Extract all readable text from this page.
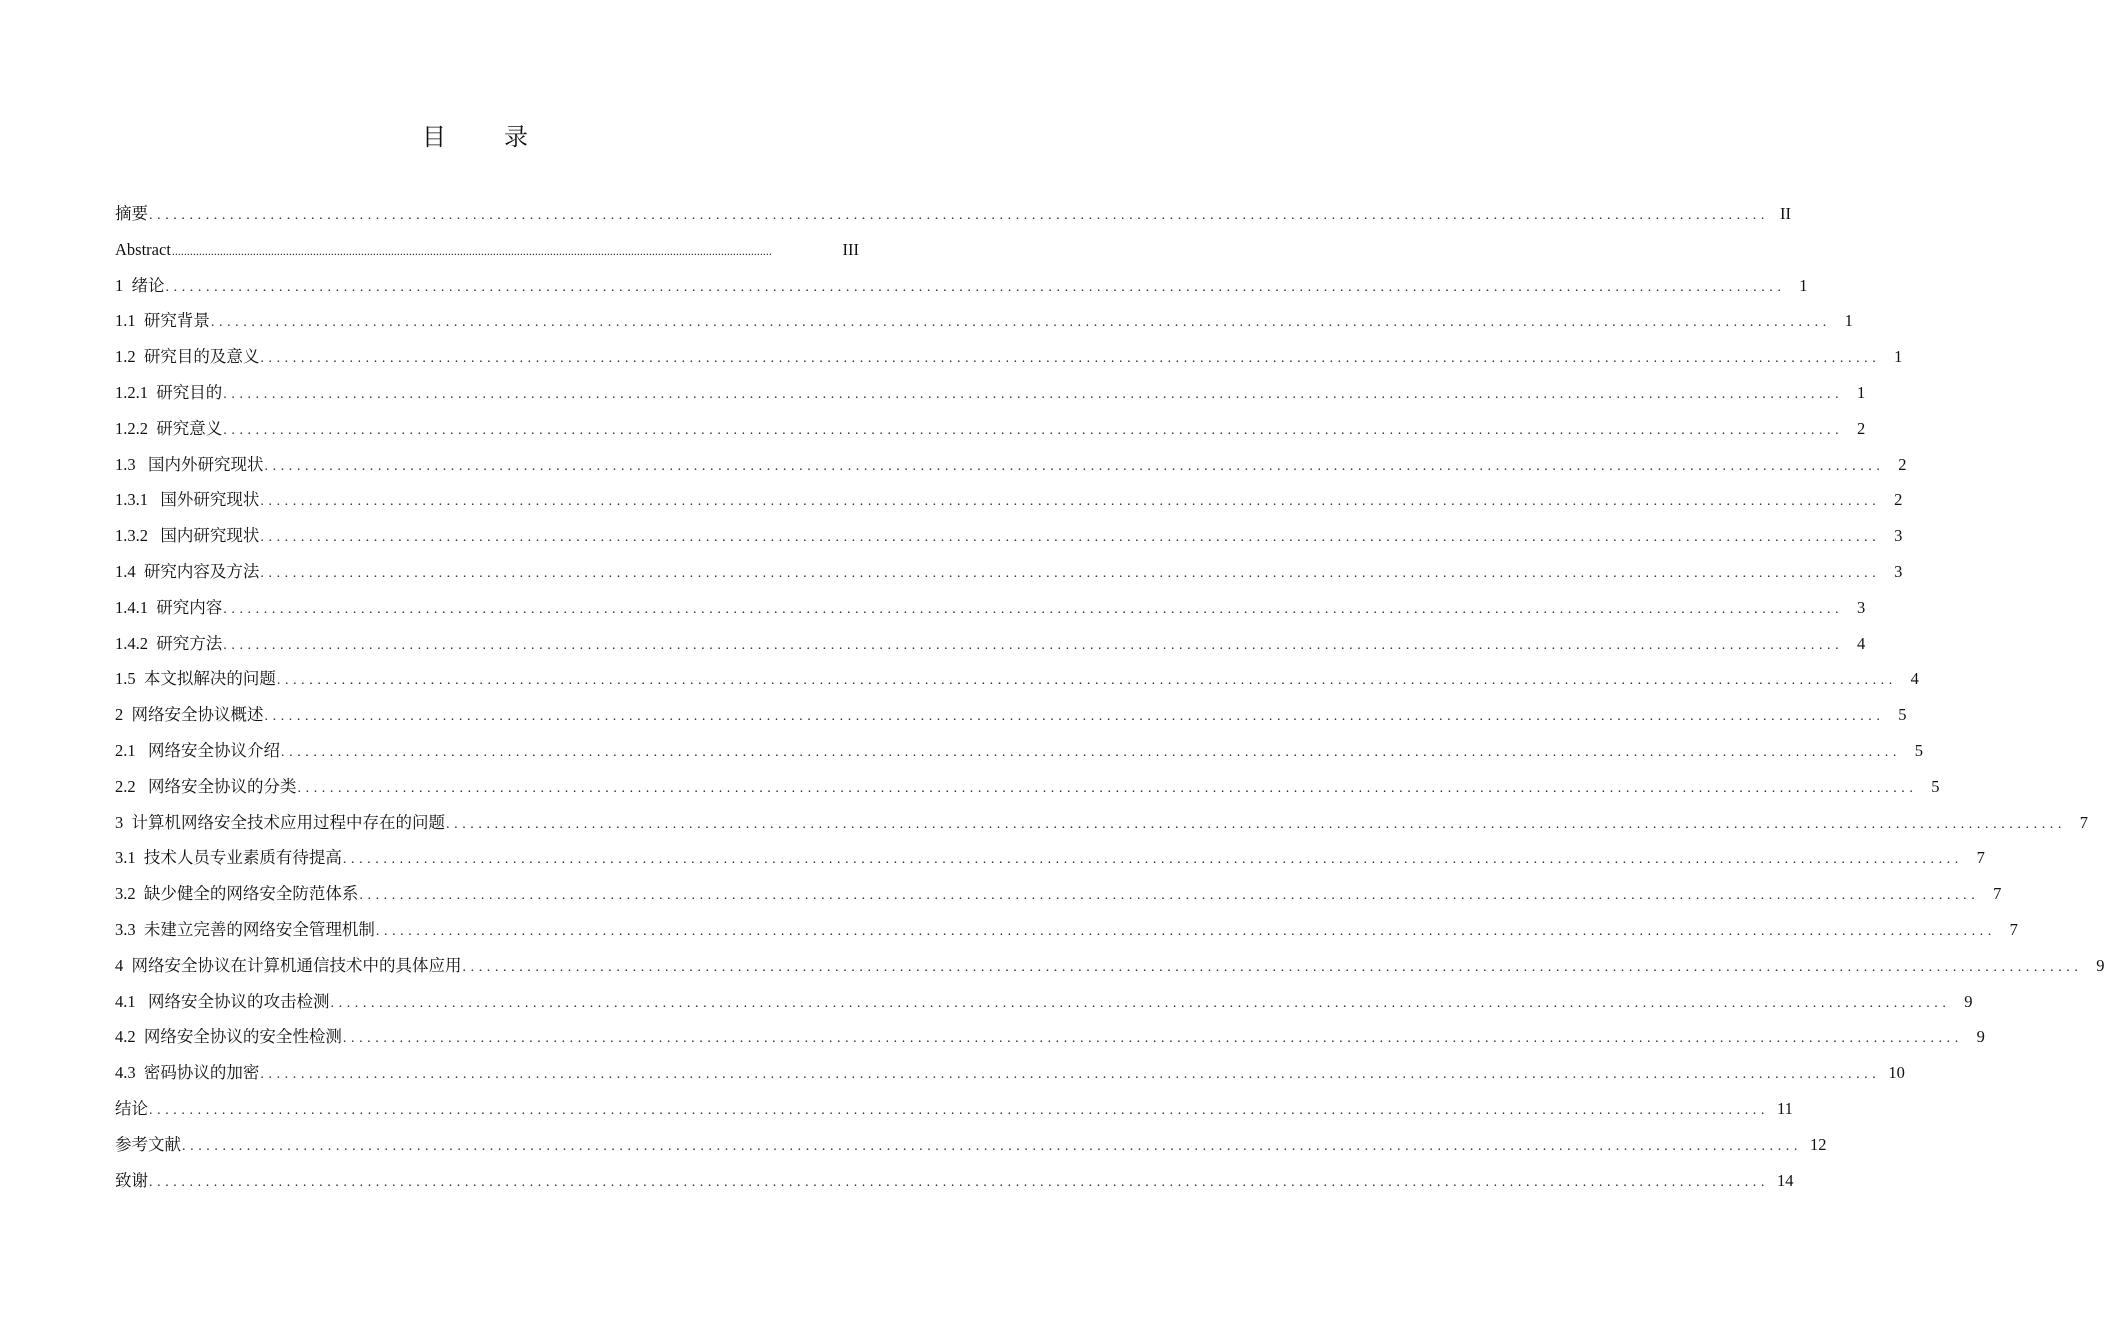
目 录
摘要 ........................................................................................................................................................................................................ II
Abstract ........................................................................................................................................................................................................	III
1  绪论 ........................................................................................................................................................................................................ 1
1.1  研究背景 ........................................................................................................................................................................................................ 1
1.2  研究目的及意义 ........................................................................................................................................................................................................ 1
1.2.1  研究目的 ........................................................................................................................................................................................................ 1
1.2.2  研究意义 ........................................................................................................................................................................................................ 2
1.3   国内外研究现状 ........................................................................................................................................................................................................ 2
1.3.1   国外研究现状 ........................................................................................................................................................................................................ 2
1.3.2   国内研究现状 ........................................................................................................................................................................................................ 3
1.4  研究内容及方法 ........................................................................................................................................................................................................ 3
1.4.1  研究内容 ........................................................................................................................................................................................................ 3
1.4.2  研究方法 ........................................................................................................................................................................................................ 4
1.5  本文拟解决的问题 ........................................................................................................................................................................................................ 4
2  网络安全协议概述 ........................................................................................................................................................................................................ 5
2.1   网络安全协议介绍 ........................................................................................................................................................................................................ 5
2.2   网络安全协议的分类 ........................................................................................................................................................................................................ 5
3  计算机网络安全技术应用过程中存在的问题 ........................................................................................................................................................................................................ 7
3.1  技术人员专业素质有待提高 ........................................................................................................................................................................................................ 7
3.2  缺少健全的网络安全防范体系 ........................................................................................................................................................................................................ 7
3.3  未建立完善的网络安全管理机制 ........................................................................................................................................................................................................ 7
4  网络安全协议在计算机通信技术中的具体应用 ........................................................................................................................................................................................................ 9
4.1   网络安全协议的攻击检测 ........................................................................................................................................................................................................ 9
4.2  网络安全协议的安全性检测 ........................................................................................................................................................................................................ 9
4.3  密码协议的加密 ........................................................................................................................................................................................................ 10
结论 ........................................................................................................................................................................................................ 11
参考文献 ........................................................................................................................................................................................................ 12
致谢 ........................................................................................................................................................................................................ 14
